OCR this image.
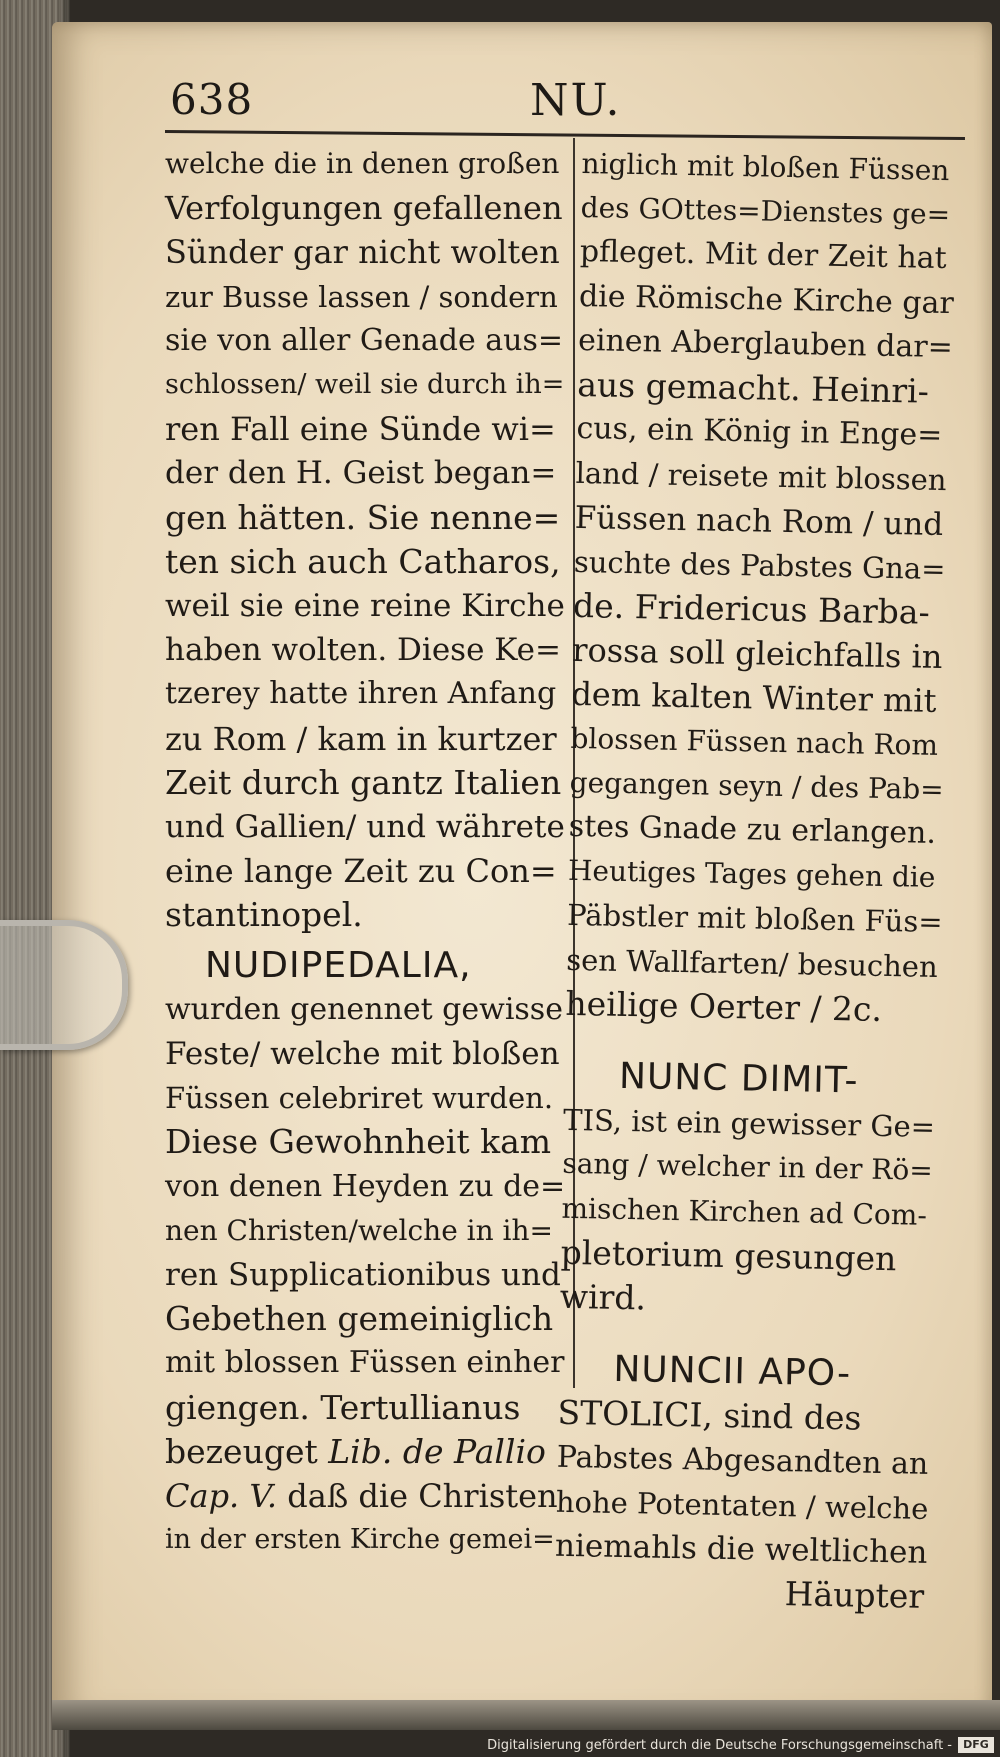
638	NU.
welche die in denen großen
Verfolgungen gefallenen
Sünder gar nicht wolten
zur Busse lassen / sondern
sie von aller Genade aus=
schlossen/ weil sie durch ih=
ren Fall eine Sünde wi=
der den H. Geist began=
gen hätten. Sie nenne=
ten sich auch Catharos,
weil sie eine reine Kirche
haben wolten. Diese Ke=
tzerey hatte ihren Anfang
zu Rom / kam in kurtzer
Zeit durch gantz Italien
und Gallien/ und währete
eine lange Zeit zu Con=
stantinopel.
NUDIPEDALIA,
wurden genennet gewisse
Feste/ welche mit bloßen
Füssen celebriret wurden.
Diese Gewohnheit kam
von denen Heyden zu de=
nen Christen/welche in ih=
ren Supplicationibus und
Gebethen gemeiniglich
mit blossen Füssen einher
giengen. Tertullianus
bezeuget Lib. de Pallio
Cap. V. daß die Christen
in der ersten Kirche gemei=
niglich mit bloßen Füssen
des GOttes=Dienstes ge=
pfleget. Mit der Zeit hat
die Römische Kirche gar
einen Aberglauben dar=
aus gemacht. Heinri-
cus, ein König in Enge=
land / reisete mit blossen
Füssen nach Rom / und
suchte des Pabstes Gna=
de. Fridericus Barba-
rossa soll gleichfalls in
dem kalten Winter mit
blossen Füssen nach Rom
gegangen seyn / des Pab=
stes Gnade zu erlangen.
Heutiges Tages gehen die
Päbstler mit bloßen Füs=
sen Wallfarten/ besuchen
heilige Oerter / 2c.
NUNC DIMIT-
TIS, ist ein gewisser Ge=
sang / welcher in der Rö=
mischen Kirchen ad Com-
pletorium gesungen
wird.
NUNCII APO-
STOLICI, sind des
Pabstes Abgesandten an
hohe Potentaten / welche
niemahls die weltlichen
Häupter
Digitalisierung gefördert durch die Deutsche Forschungsgemeinschaft -	DFG
